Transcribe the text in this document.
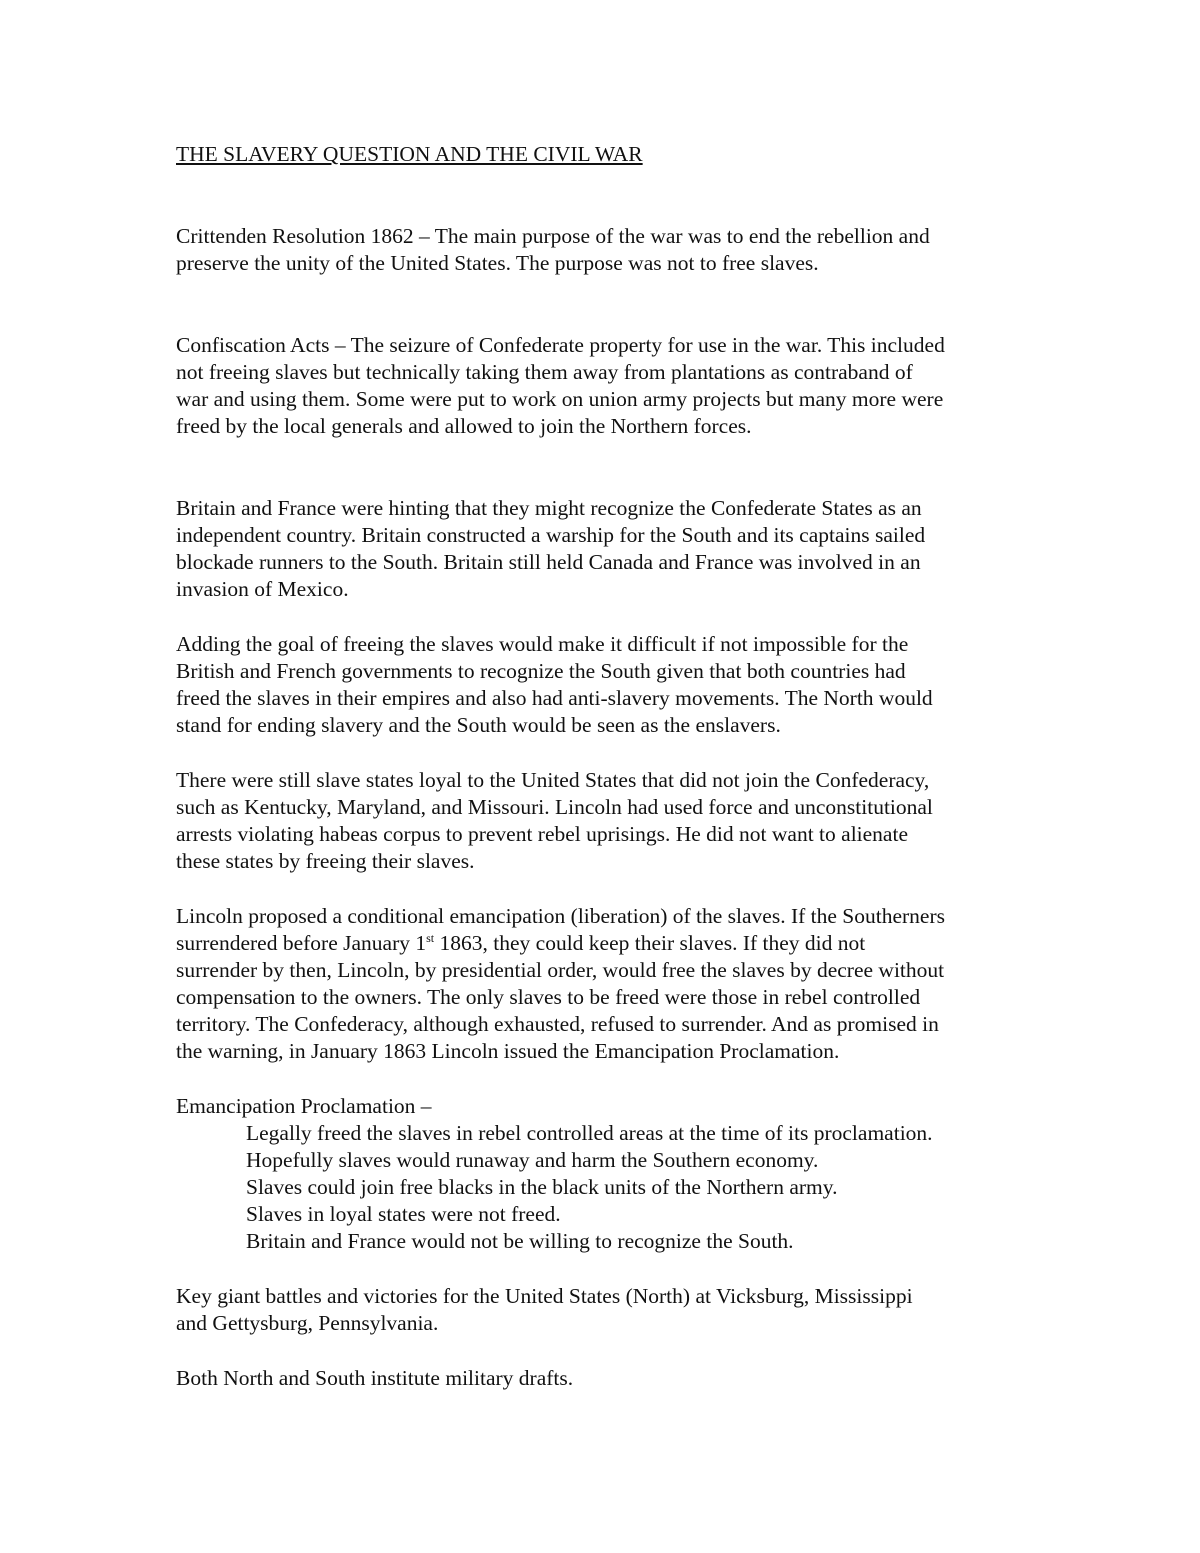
THE SLAVERY QUESTION AND THE CIVIL WAR

Crittenden Resolution 1862 – The main purpose of the war was to end the rebellion and
preserve the unity of the United States. The purpose was not to free slaves.

Confiscation Acts – The seizure of Confederate property for use in the war. This included
not freeing slaves but technically taking them away from plantations as contraband of
war and using them. Some were put to work on union army projects but many more were
freed by the local generals and allowed to join the Northern forces.

Britain and France were hinting that they might recognize the Confederate States as an
independent country. Britain constructed a warship for the South and its captains sailed
blockade runners to the South. Britain still held Canada and France was involved in an
invasion of Mexico.

Adding the goal of freeing the slaves would make it difficult if not impossible for the
British and French governments to recognize the South given that both countries had
freed the slaves in their empires and also had anti-slavery movements. The North would
stand for ending slavery and the South would be seen as the enslavers.

There were still slave states loyal to the United States that did not join the Confederacy,
such as Kentucky, Maryland, and Missouri. Lincoln had used force and unconstitutional
arrests violating habeas corpus to prevent rebel uprisings. He did not want to alienate
these states by freeing their slaves.

Lincoln proposed a conditional emancipation (liberation) of the slaves. If the Southerners
surrendered before January 1st 1863, they could keep their slaves. If they did not
surrender by then, Lincoln, by presidential order, would free the slaves by decree without
compensation to the owners. The only slaves to be freed were those in rebel controlled
territory. The Confederacy, although exhausted, refused to surrender. And as promised in
the warning, in January 1863 Lincoln issued the Emancipation Proclamation.

Emancipation Proclamation –
Legally freed the slaves in rebel controlled areas at the time of its proclamation.
Hopefully slaves would runaway and harm the Southern economy.
Slaves could join free blacks in the black units of the Northern army.
Slaves in loyal states were not freed.
Britain and France would not be willing to recognize the South.

Key giant battles and victories for the United States (North) at Vicksburg, Mississippi
and Gettysburg, Pennsylvania.

Both North and South institute military drafts.
